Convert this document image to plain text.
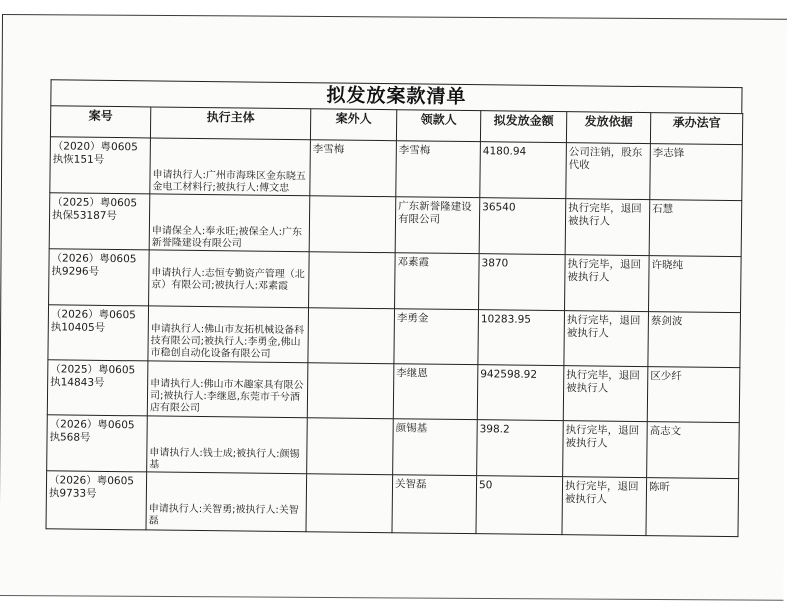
拟发放案款清单
案号	执行主体	案外人	领款人	拟发放金额	发放依据	承办法官
（2020）粤0605执恢151号	申请执行人:广州市海珠区金东晓五金电工材料行;被执行人:傅文忠	李雪梅	李雪梅	4180.94	公司注销，股东代收	李志锋
（2025）粤0605执保53187号	申请保全人:奉永旺;被保全人:广东新誉隆建设有限公司		广东新誉隆建设有限公司	36540	执行完毕，退回被执行人	石慧
（2026）粤0605执9296号	申请执行人:志恒专勤资产管理（北京）有限公司;被执行人:邓素霞		邓素霞	3870	执行完毕，退回被执行人	许晓纯
（2026）粤0605执10405号	申请执行人:佛山市友拓机械设备科技有限公司;被执行人:李勇金,佛山市稳创自动化设备有限公司		李勇金	10283.95	执行完毕，退回被执行人	蔡剑波
（2025）粤0605执14843号	申请执行人:佛山市木趣家具有限公司;被执行人:李继恩,东莞市千兮酒店有限公司		李继恩	942598.92	执行完毕，退回被执行人	区少纤
（2026）粤0605执568号	申请执行人:钱士成;被执行人:颜锡基		颜锡基	398.2	执行完毕，退回被执行人	高志文
（2026）粤0605执9733号	申请执行人:关智勇;被执行人:关智磊		关智磊	50	执行完毕，退回被执行人	陈昕
